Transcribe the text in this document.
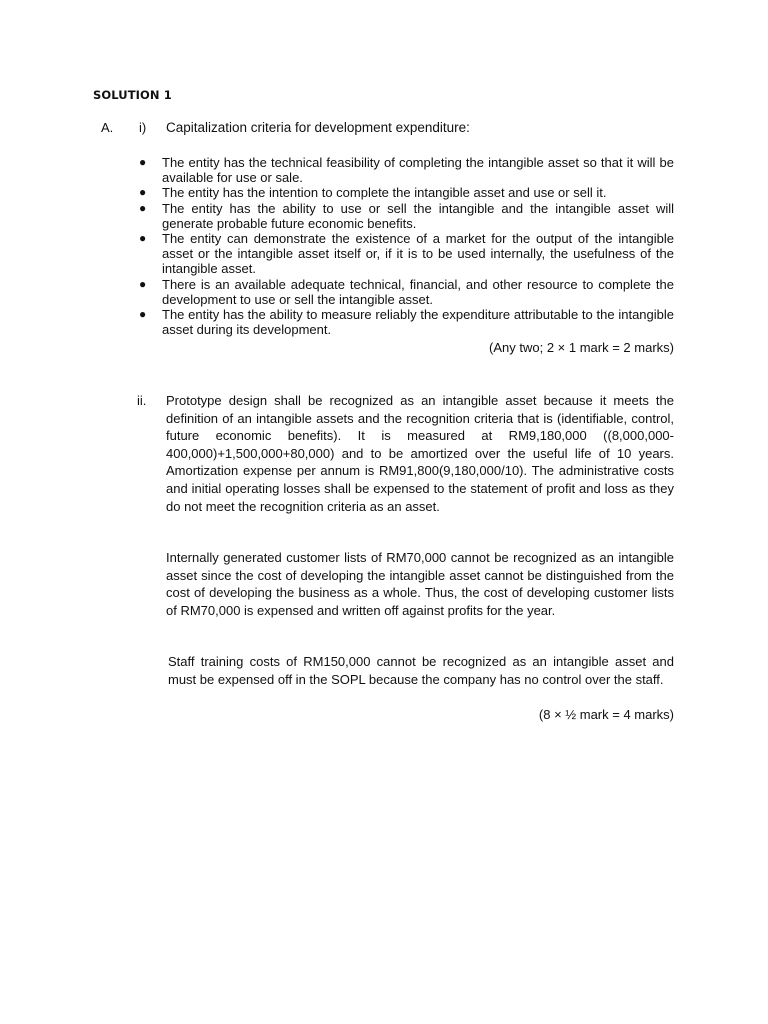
SOLUTION 1
A. i) Capitalization criteria for development expenditure:
● The entity has the technical feasibility of completing the intangible asset so that it will be available for use or sale.
● The entity has the intention to complete the intangible asset and use or sell it.
● The entity has the ability to use or sell the intangible and the intangible asset will generate probable future economic benefits.
● The entity can demonstrate the existence of a market for the output of the intangible asset or the intangible asset itself or, if it is to be used internally, the usefulness of the intangible asset.
● There is an available adequate technical, financial, and other resource to complete the development to use or sell the intangible asset.
● The entity has the ability to measure reliably the expenditure attributable to the intangible asset during its development.
(Any two; 2 × 1 mark = 2 marks)
ii. Prototype design shall be recognized as an intangible asset because it meets the definition of an intangible assets and the recognition criteria that is (identifiable, control, future economic benefits). It is measured at RM9,180,000 ((8,000,000-400,000)+1,500,000+80,000) and to be amortized over the useful life of 10 years. Amortization expense per annum is RM91,800(9,180,000/10). The administrative costs and initial operating losses shall be expensed to the statement of profit and loss as they do not meet the recognition criteria as an asset.

Internally generated customer lists of RM70,000 cannot be recognized as an intangible asset since the cost of developing the intangible asset cannot be distinguished from the cost of developing the business as a whole. Thus, the cost of developing customer lists of RM70,000 is expensed and written off against profits for the year.

Staff training costs of RM150,000 cannot be recognized as an intangible asset and must be expensed off in the SOPL because the company has no control over the staff.

(8 × ½ mark = 4 marks)
